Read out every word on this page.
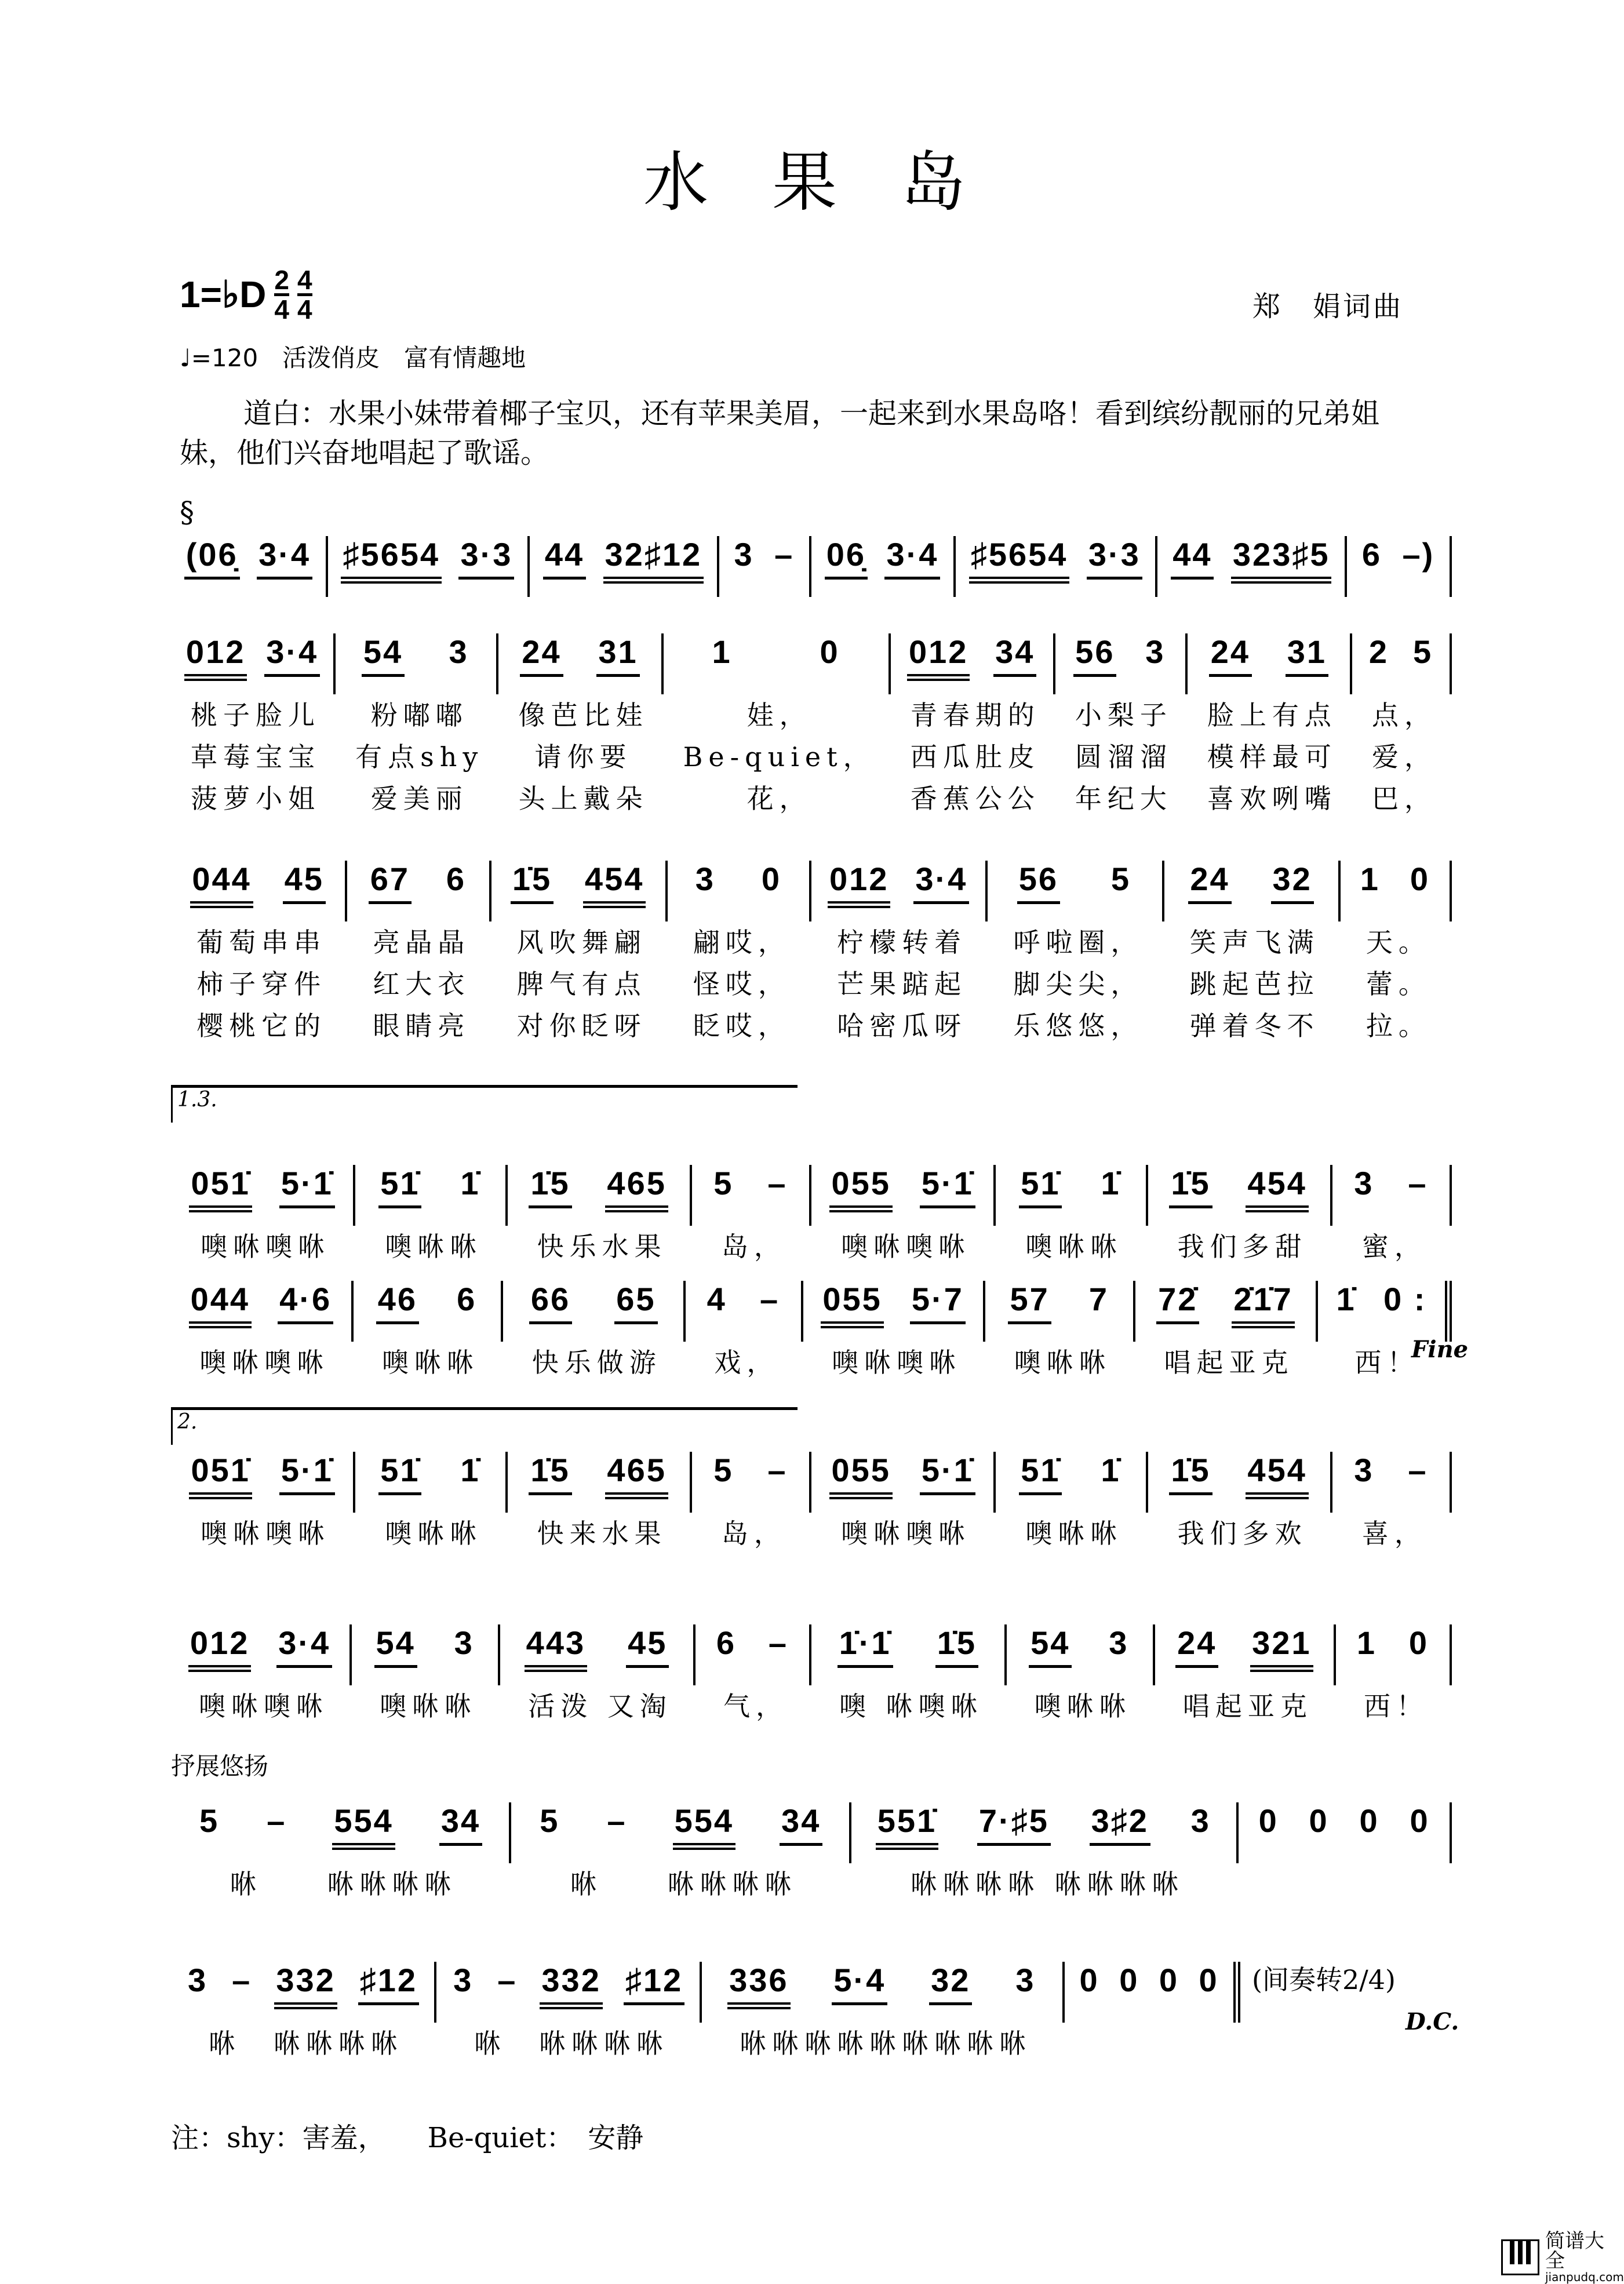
水果岛
1=♭D $\frac{2}{4} \frac{4}{4}$	郑　娟词曲
♩=120　活泼俏皮　富有情趣地
道白：水果小妹带着椰子宝贝，还有苹果美眉，一起来到水果岛咯！看到缤纷靓丽的兄弟姐妹，他们兴奋地唱起了歌谣。
§
1.3.
2.
Fine
抒展悠扬
(间奏转2/4)
D.C.
注：shy：害羞，　　Be-quiet：　安静
简谱大全
jianpudq.com
(06̣ 3·4 ♯5654 3·3 44 32♯12 3 – 06̣ 3·4 ♯5654 3·3 44 323♯5 6 –)
012 3·4
桃子脸儿
草莓宝宝
菠萝小姐
54 3
粉嘟嘟
有点shy
爱美丽
24 31
像芭比娃
请你要
头上戴朵
1	0
娃，
Be-quiet，
花，
012 34
青春期的
西瓜肚皮
香蕉公公
56 3
小梨子
圆溜溜
年纪大
24 31
脸上有点
模样最可
喜欢咧嘴
2 5
点，
爱，
巴，
044 45
葡萄串串
柿子穿件
樱桃它的
67 6
亮晶晶
红大衣
眼睛亮
1̇5 454
风吹舞翩
脾气有点
对你眨呀
3 0
翩哎，
怪哎，
眨哎，
012 3·4
柠檬转着
芒果踮起
哈密瓜呀
56 5
呼啦圈，
脚尖尖，
乐悠悠，
24 32
笑声飞满
跳起芭拉
弹着冬不
1 0
天。
蕾。
拉。
051̇ 5·1̇
噢咻噢咻
51̇ 1̇
噢咻咻
1̇5 465
快乐水果
5 –
岛，
055 5·1̇
噢咻噢咻
51̇ 1̇
噢咻咻
1̇5 454
我们多甜
3 –
蜜，
044 4·6
噢咻噢咻
46 6
噢咻咻
66 65
快乐做游
4 –
戏，
055 5·7
噢咻噢咻
57 7
噢咻咻
72̇ 2̇1̇7
唱起亚克
1̇ 0 :
西！
051̇ 5·1̇
噢咻噢咻
51̇ 1̇
噢咻咻
1̇5 465
快来水果
5 –
岛，
055 5·1̇
噢咻噢咻
51̇ 1̇
噢咻咻
1̇5 454
我们多欢
3 –
喜，
012 3·4
噢咻噢咻
54 3
噢咻咻
443 45
活泼 又淘
6 –
气，
1̇·1̇ 1̇5
噢 咻噢咻
54 3
噢咻咻
24 321
唱起亚克
1 0
西！
5 – 554 34
咻　　咻咻咻咻
5 – 554 34
咻　　咻咻咻咻
551̇ 7·♯5 3♯2 3
咻咻咻咻 咻咻咻咻
0 0 0 0
3 – 332 ♯12
咻　咻咻咻咻
3 – 332 ♯12
咻　咻咻咻咻
336 5·4 32 3
咻咻咻咻咻咻咻咻咻
0 0 0 0
